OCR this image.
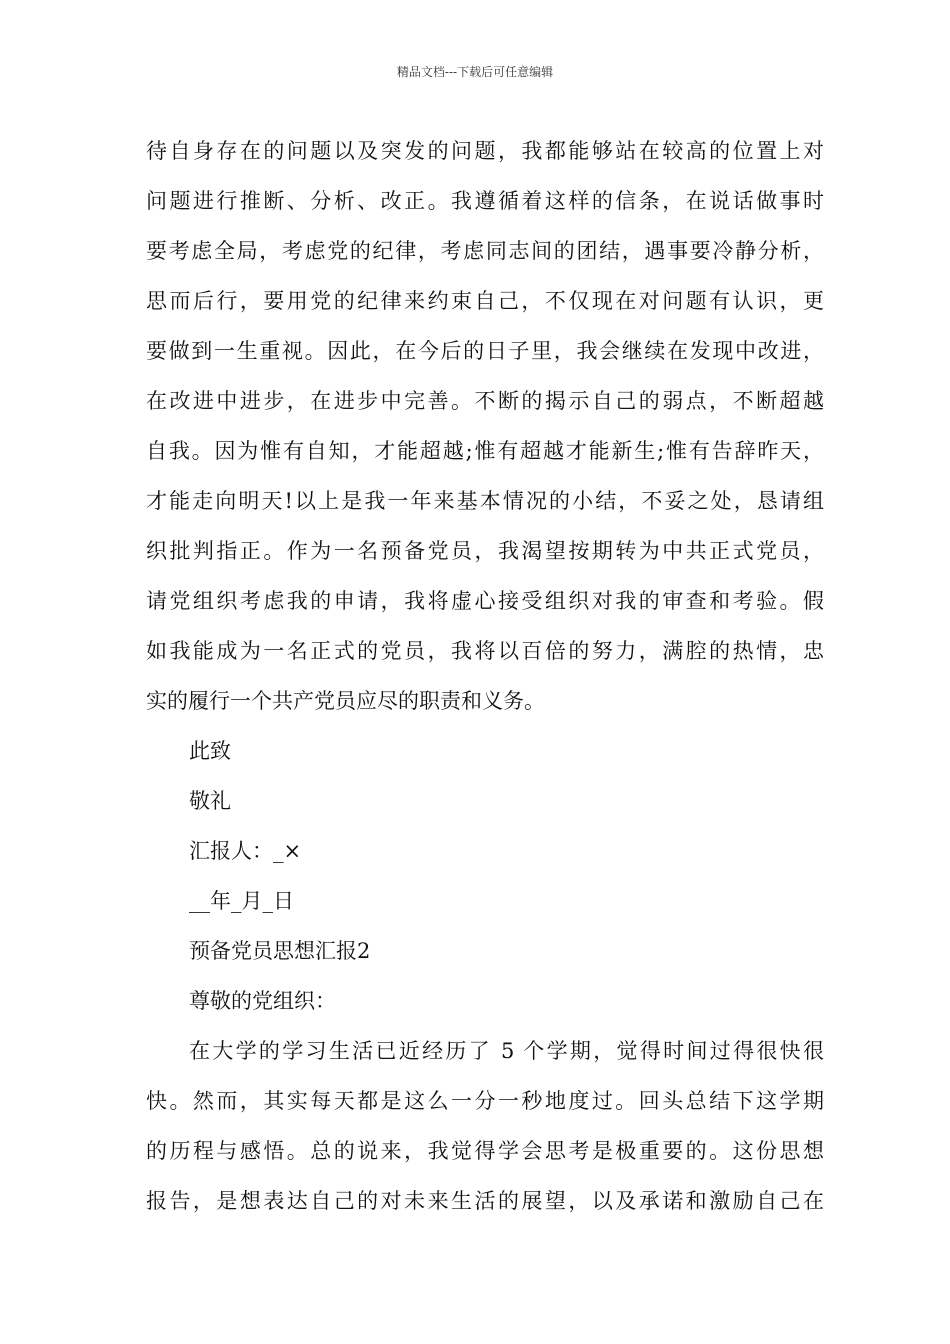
精品文档---下载后可任意编辑
待自身存在的问题以及突发的问题，我都能够站在较高的位置上对
问题进行推断、分析、改正。我遵循着这样的信条，在说话做事时
要考虑全局，考虑党的纪律，考虑同志间的团结，遇事要冷静分析，
思而后行，要用党的纪律来约束自己，不仅现在对问题有认识，更
要做到一生重视。因此，在今后的日子里，我会继续在发现中改进，
在改进中进步，在进步中完善。不断的揭示自己的弱点，不断超越
自我。因为惟有自知，才能超越;惟有超越才能新生;惟有告辞昨天，
才能走向明天!以上是我一年来基本情况的小结，不妥之处，恳请组
织批判指正。作为一名预备党员，我渴望按期转为中共正式党员，
请党组织考虑我的申请，我将虚心接受组织对我的审查和考验。假
如我能成为一名正式的党员，我将以百倍的努力，满腔的热情，忠
实的履行一个共产党员应尽的职责和义务。
此致
敬礼
汇报人：_×
__年_月_日
预备党员思想汇报2
尊敬的党组织：
在大学的学习生活已近经历了 5 个学期，觉得时间过得很快很
快。然而，其实每天都是这么一分一秒地度过。回头总结下这学期
的历程与感悟。总的说来，我觉得学会思考是极重要的。这份思想
报告，是想表达自己的对未来生活的展望，以及承诺和激励自己在
